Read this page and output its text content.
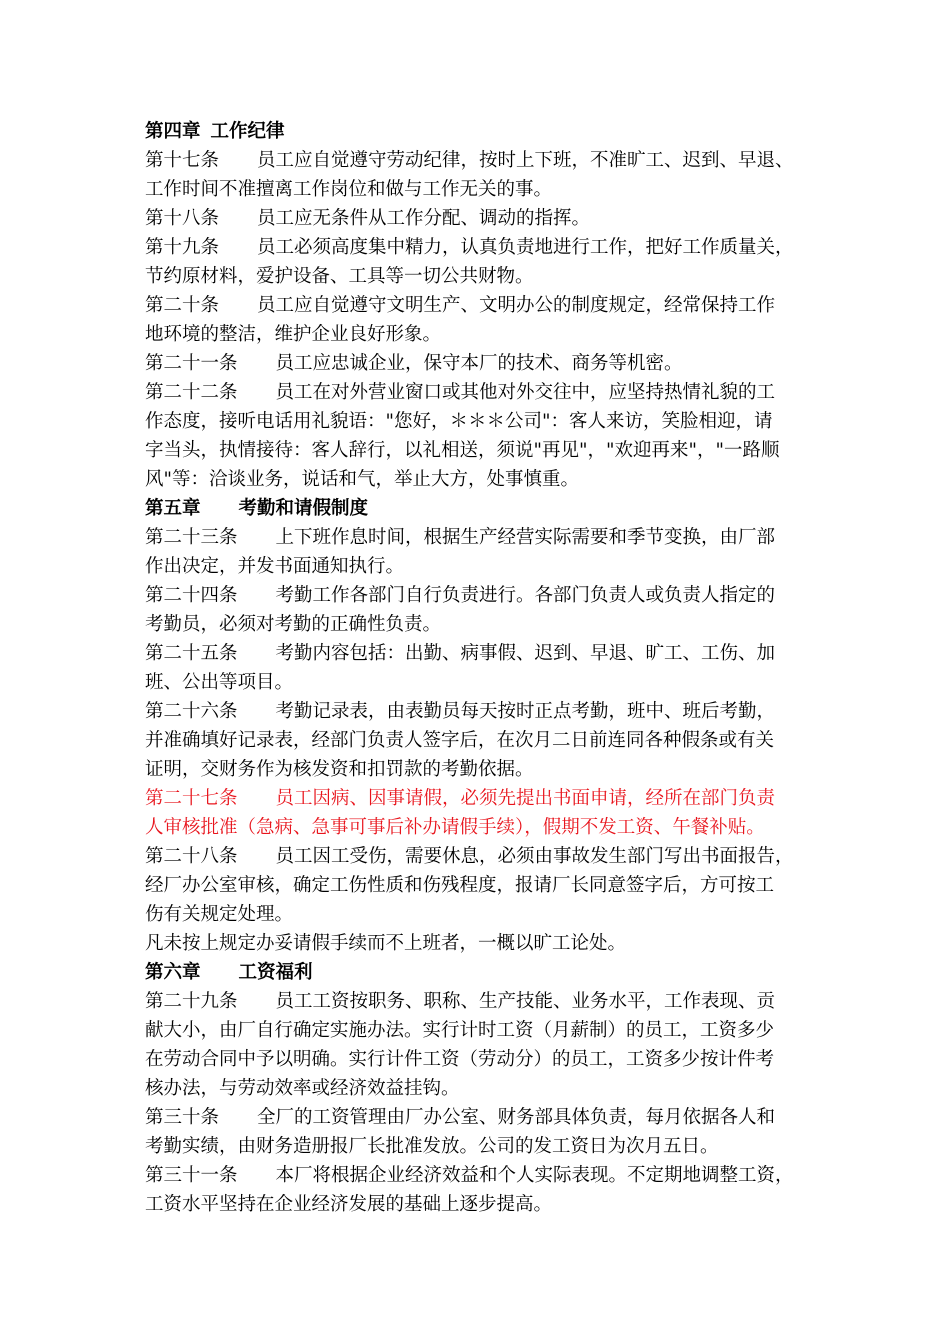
第四章 工作纪律
第十七条 员工应自觉遵守劳动纪律，按时上下班，不准旷工、迟到、早退、
工作时间不准擅离工作岗位和做与工作无关的事。
第十八条 员工应无条件从工作分配、调动的指挥。
第十九条 员工必须高度集中精力，认真负责地进行工作，把好工作质量关，
节约原材料，爱护设备、工具等一切公共财物。
第二十条 员工应自觉遵守文明生产、文明办公的制度规定，经常保持工作
地环境的整洁，维护企业良好形象。
第二十一条 员工应忠诚企业，保守本厂的技术、商务等机密。
第二十二条 员工在对外营业窗口或其他对外交往中，应坚持热情礼貌的工
作态度，接听电话用礼貌语："您好，＊＊＊公司"：客人来访，笑脸相迎，请
字当头，执情接待：客人辞行，以礼相送，须说"再见"，"欢迎再来"，"一路顺
风"等：洽谈业务，说话和气，举止大方，处事慎重。
第五章 考勤和请假制度
第二十三条 上下班作息时间，根据生产经营实际需要和季节变换，由厂部
作出决定，并发书面通知执行。
第二十四条 考勤工作各部门自行负责进行。各部门负责人或负责人指定的
考勤员，必须对考勤的正确性负责。
第二十五条 考勤内容包括：出勤、病事假、迟到、早退、旷工、工伤、加
班、公出等项目。
第二十六条 考勤记录表，由表勤员每天按时正点考勤，班中、班后考勤，
并准确填好记录表，经部门负责人签字后，在次月二日前连同各种假条或有关
证明，交财务作为核发资和扣罚款的考勤依据。
第二十七条 员工因病、因事请假，必须先提出书面申请，经所在部门负责
人审核批准（急病、急事可事后补办请假手续），假期不发工资、午餐补贴。
第二十八条 员工因工受伤，需要休息，必须由事故发生部门写出书面报告，
经厂办公室审核，确定工伤性质和伤残程度，报请厂长同意签字后，方可按工
伤有关规定处理。
凡未按上规定办妥请假手续而不上班者，一概以旷工论处。
第六章 工资福利
第二十九条 员工工资按职务、职称、生产技能、业务水平，工作表现、贡
献大小，由厂自行确定实施办法。实行计时工资（月薪制）的员工，工资多少
在劳动合同中予以明确。实行计件工资（劳动分）的员工，工资多少按计件考
核办法，与劳动效率或经济效益挂钩。
第三十条 全厂的工资管理由厂办公室、财务部具体负责，每月依据各人和
考勤实绩，由财务造册报厂长批准发放。公司的发工资日为次月五日。
第三十一条 本厂将根据企业经济效益和个人实际表现。不定期地调整工资，
工资水平坚持在企业经济发展的基础上逐步提高。
